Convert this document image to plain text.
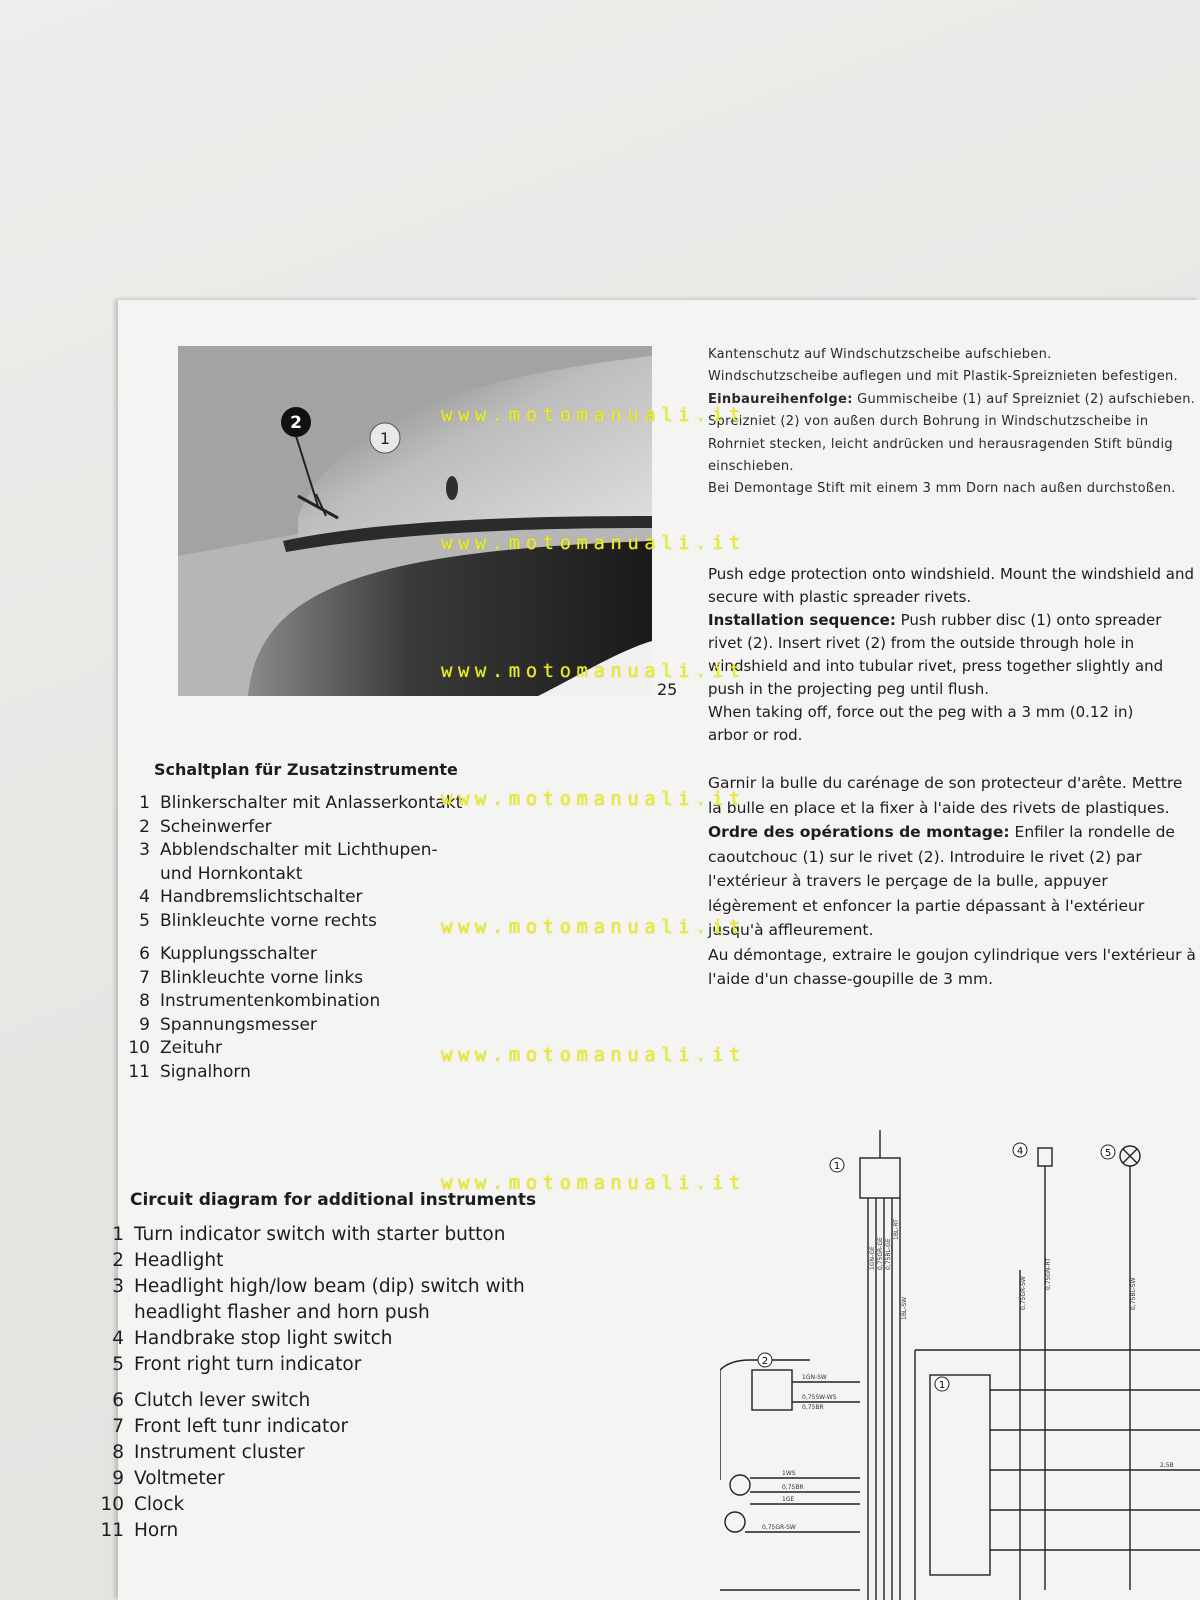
2
1
25

Kantenschutz auf Windschutzscheibe aufschieben.

Windschutzscheibe auflegen und mit Plastik-Spreiznieten befestigen.

Einbaureihenfolge: Gummischeibe (1) auf Spreizniet (2) aufschieben. Spreizniet (2) von außen durch Bohrung in Windschutzscheibe in Rohrniet stecken, leicht andrücken und herausragenden Stift bündig einschieben.

Bei Demontage Stift mit einem 3 mm Dorn nach außen durchstoßen.

Push edge protection onto windshield. Mount the windshield and secure with plastic spreader rivets.

Installation sequence: Push rubber disc (1) onto spreader rivet (2). Insert rivet (2) from the outside through hole in windshield and into tubular rivet, press together slightly and push in the projecting peg until flush.

When taking off, force out the peg with a 3 mm (0.12 in)

arbor or rod.

Garnir la bulle du carénage de son protecteur d'arête. Mettre la bulle en place et la fixer à l'aide des rivets de plastiques.

Ordre des opérations de montage: Enfiler la rondelle de caoutchouc (1) sur le rivet (2). Introduire le rivet (2) par l'extérieur à travers le perçage de la bulle, appuyer légèrement et enfoncer la partie dépassant à l'extérieur jusqu'à affleurement.

Au démontage, extraire le goujon cylindrique vers l'extérieur à l'aide d'un chasse-goupille de 3 mm.

Schaltplan für Zusatzinstrumente
1 Blinkerschalter mit Anlasserkontakt
2 Scheinwerfer
3 Abblendschalter mit Lichthupen-
und Hornkontakt
4 Handbremslichtschalter
5 Blinkleuchte vorne rechts
6 Kupplungsschalter
7 Blinkleuchte vorne links
8 Instrumentenkombination
9 Spannungsmesser
10 Zeituhr
11 Signalhorn
Circuit diagram for additional instruments
1 Turn indicator switch with starter button
2 Headlight
3 Headlight high/low beam (dip) switch with
headlight flasher and horn push
4 Handbrake stop light switch
5 Front right turn indicator
6 Clutch lever switch
7 Front left tunr indicator
8 Instrument cluster
9 Voltmeter
10 Clock
11 Horn
1
2
1
4	5
1GN-GE 0,75GR-GE 0,75BL-GE
1BL-RT
1BL-SW	0,75GR-SW
0,75GN-RT
0,75BL-SW
1GN-SW
0,75SW-WS
0,75BR
1WS
0,75BR
1GE
0,75GR-SW
2,5B
www.motomanuali.it
www.motomanuali.it
www.motomanuali.it
www.motomanuali.it
www.motomanuali.it
www.motomanuali.it
www.motomanuali.it
